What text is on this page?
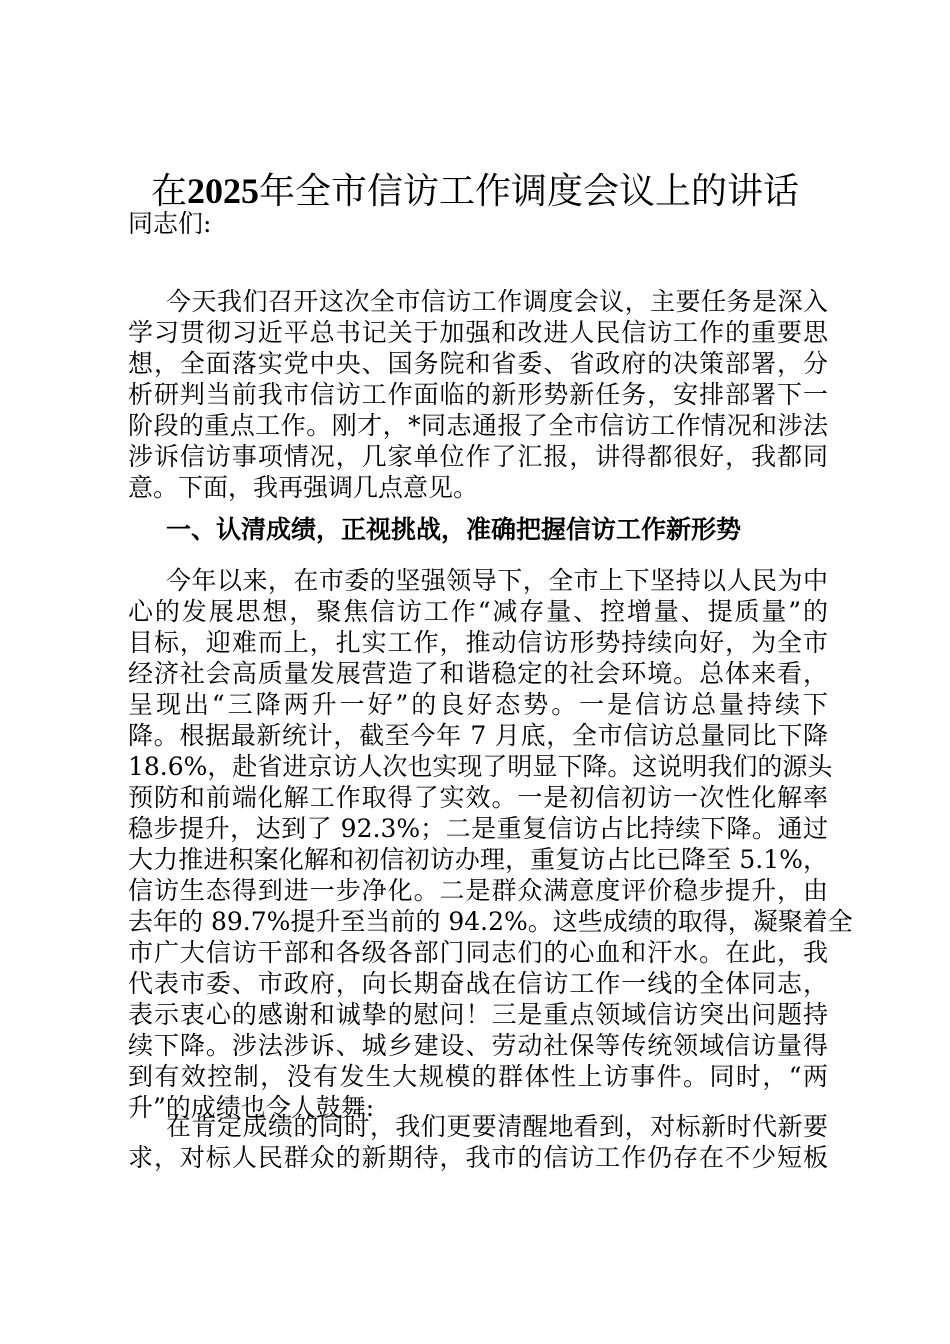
在2025年全市信访工作调度会议上的讲话
同志们:
今天我们召开这次全市信访工作调度会议，主要任务是深入
学习贯彻习近平总书记关于加强和改进人民信访工作的重要思
想，全面落实党中央、国务院和省委、省政府的决策部署，分
析研判当前我市信访工作面临的新形势新任务，安排部署下一
阶段的重点工作。刚才，*同志通报了全市信访工作情况和涉法
涉诉信访事项情况，几家单位作了汇报，讲得都很好，我都同
意。下面，我再强调几点意见。
一、认清成绩，正视挑战，准确把握信访工作新形势
今年以来，在市委的坚强领导下，全市上下坚持以人民为中
心的发展思想，聚焦信访工作“减存量、控增量、提质量”的
目标，迎难而上，扎实工作，推动信访形势持续向好，为全市
经济社会高质量发展营造了和谐稳定的社会环境。总体来看，
呈现出“三降两升一好”的良好态势。一是信访总量持续下
降。根据最新统计，截至今年 7 月底，全市信访总量同比下降
18.6%，赴省进京访人次也实现了明显下降。这说明我们的源头
预防和前端化解工作取得了实效。一是初信初访一次性化解率
稳步提升，达到了 92.3%；二是重复信访占比持续下降。通过
大力推进积案化解和初信初访办理，重复访占比已降至 5.1%，
信访生态得到进一步净化。二是群众满意度评价稳步提升，由
去年的 89.7%提升至当前的 94.2%。这些成绩的取得，凝聚着全
市广大信访干部和各级各部门同志们的心血和汗水。在此，我
代表市委、市政府，向长期奋战在信访工作一线的全体同志，
表示衷心的感谢和诚挚的慰问！三是重点领域信访突出问题持
续下降。涉法涉诉、城乡建设、劳动社保等传统领域信访量得
到有效控制，没有发生大规模的群体性上访事件。同时，“两
升”的成绩也令人鼓舞:
在肯定成绩的同时，我们更要清醒地看到，对标新时代新要
求，对标人民群众的新期待，我市的信访工作仍存在不少短板
